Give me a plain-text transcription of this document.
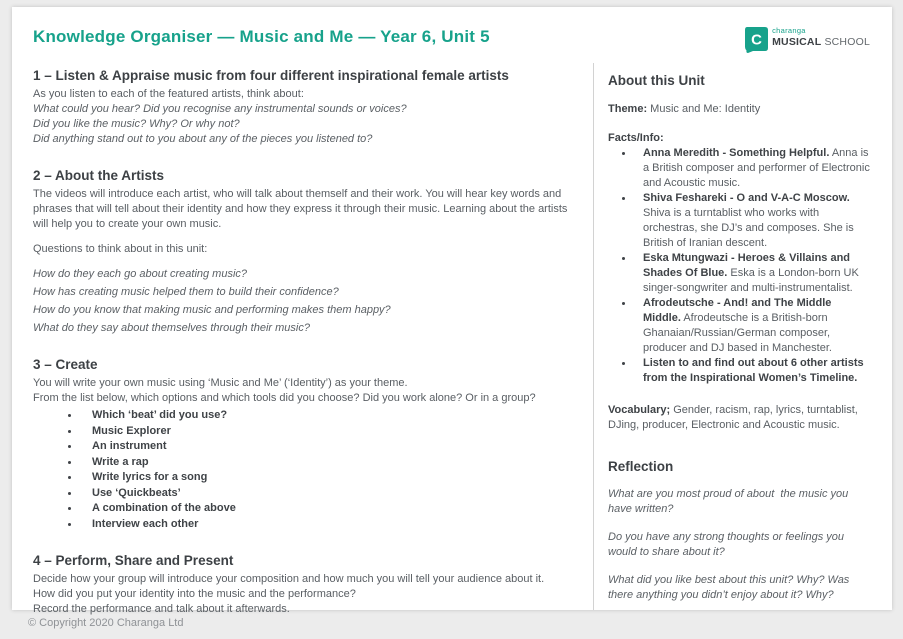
Knowledge Organiser — Music and Me — Year 6, Unit 5
1 – Listen & Appraise music from four different inspirational female artists

As you listen to each of the featured artists, think about:

What could you hear? Did you recognise any instrumental sounds or voices?

Did you like the music? Why? Or why not?

Did anything stand out to you about any of the pieces you listened to?

2 – About the Artists

The videos will introduce each artist, who will talk about themself and their work. You will hear key words and phrases that will tell about their identity and how they express it through their music. Learning about the artists will help you to create your own music.

Questions to think about in this unit:

How do they each go about creating music?

How has creating music helped them to build their confidence?

How do you know that making music and performing makes them happy?

What do they say about themselves through their music?

3 – Create

You will write your own music using ‘Music and Me’ (‘Identity’) as your theme.

From the list below, which options and which tools did you choose? Did you work alone? Or in a group?

• Which ‘beat’ did you use?
• Music Explorer
• An instrument
• Write a rap
• Write lyrics for a song
• Use ‘Quickbeats’
• A combination of the above
• Interview each other
4 – Perform, Share and Present

Decide how your group will introduce your composition and how much you will tell your audience about it.

How did you put your identity into the music and the performance?

Record the performance and talk about it afterwards.

C
charanga
MUSICAL SCHOOL
About this Unit

Theme: Music and Me: Identity

Facts/Info:

• Anna Meredith - Something Helpful. Anna is a British composer and performer of Electronic and Acoustic music.
• Shiva Feshareki - O and V-A-C Moscow. Shiva is a turntablist who works with orchestras, she DJ’s and composes. She is British of Iranian descent.
• Eska Mtungwazi - Heroes & Villains and Shades Of Blue. Eska is a London-born UK singer-songwriter and multi-instrumentalist.
• Afrodeutsche - And! and The Middle Middle. Afrodeutsche is a British-born Ghanaian/Russian/German composer, producer and DJ based in Manchester.
• Listen to and find out about 6 other artists from the Inspirational Women’s Timeline.

Vocabulary; Gender, racism, rap, lyrics, turntablist, DJing, producer, Electronic and Acoustic music.

Reflection

What are you most proud of about  the music you have written?

Do you have any strong thoughts or feelings you would to share about it?

What did you like best about this unit? Why? Was there anything you didn’t enjoy about it? Why?

© Copyright 2020 Charanga Ltd
